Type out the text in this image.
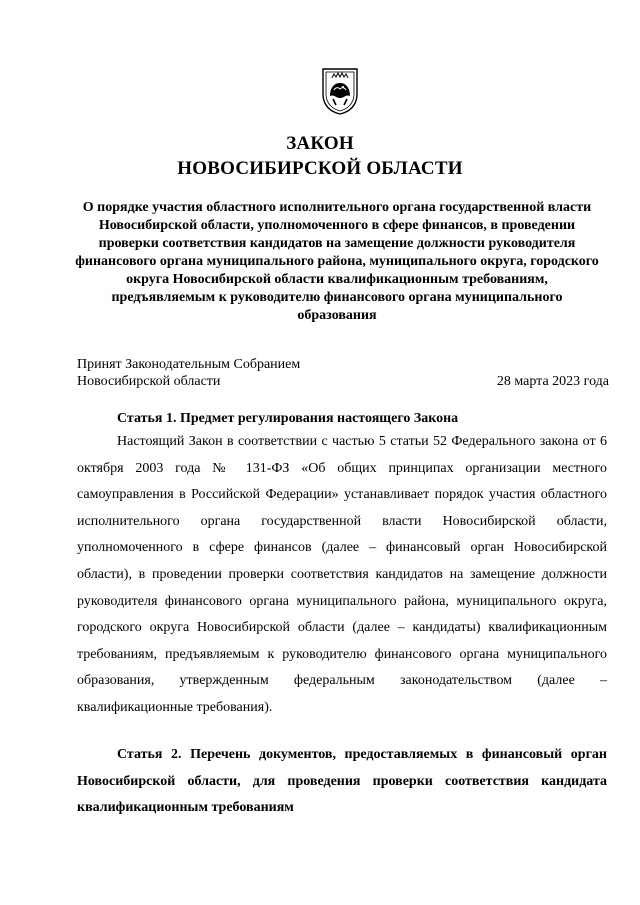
ЗАКОН
НОВОСИБИРСКОЙ ОБЛАСТИ
О порядке участия областного исполнительного органа государственной власти Новосибирской области, уполномоченного в сфере финансов, в проведении проверки соответствия кандидатов на замещение должности руководителя финансового органа муниципального района, муниципального округа, городского округа Новосибирской области квалификационным требованиям, предъявляемым к руководителю финансового органа муниципального образования
Принят Законодательным Собранием
Новосибирской области	28 марта 2023 года
Статья 1. Предмет регулирования настоящего Закона
Настоящий Закон в соответствии с частью 5 статьи 52 Федерального закона от 6 октября 2003 года № 131-ФЗ «Об общих принципах организации местного самоуправления в Российской Федерации» устанавливает порядок участия областного исполнительного органа государственной власти Новосибирской области, уполномоченного в сфере финансов (далее – финансовый орган Новосибирской области), в проведении проверки соответствия кандидатов на замещение должности руководителя финансового органа муниципального района, муниципального округа, городского округа Новосибирской области (далее – кандидаты) квалификационным требованиям, предъявляемым к руководителю финансового органа муниципального образования, утвержденным федеральным законодательством (далее – квалификационные требования).
Статья 2. Перечень документов, предоставляемых в финансовый орган Новосибирской области, для проведения проверки соответствия кандидата квалификационным требованиям
